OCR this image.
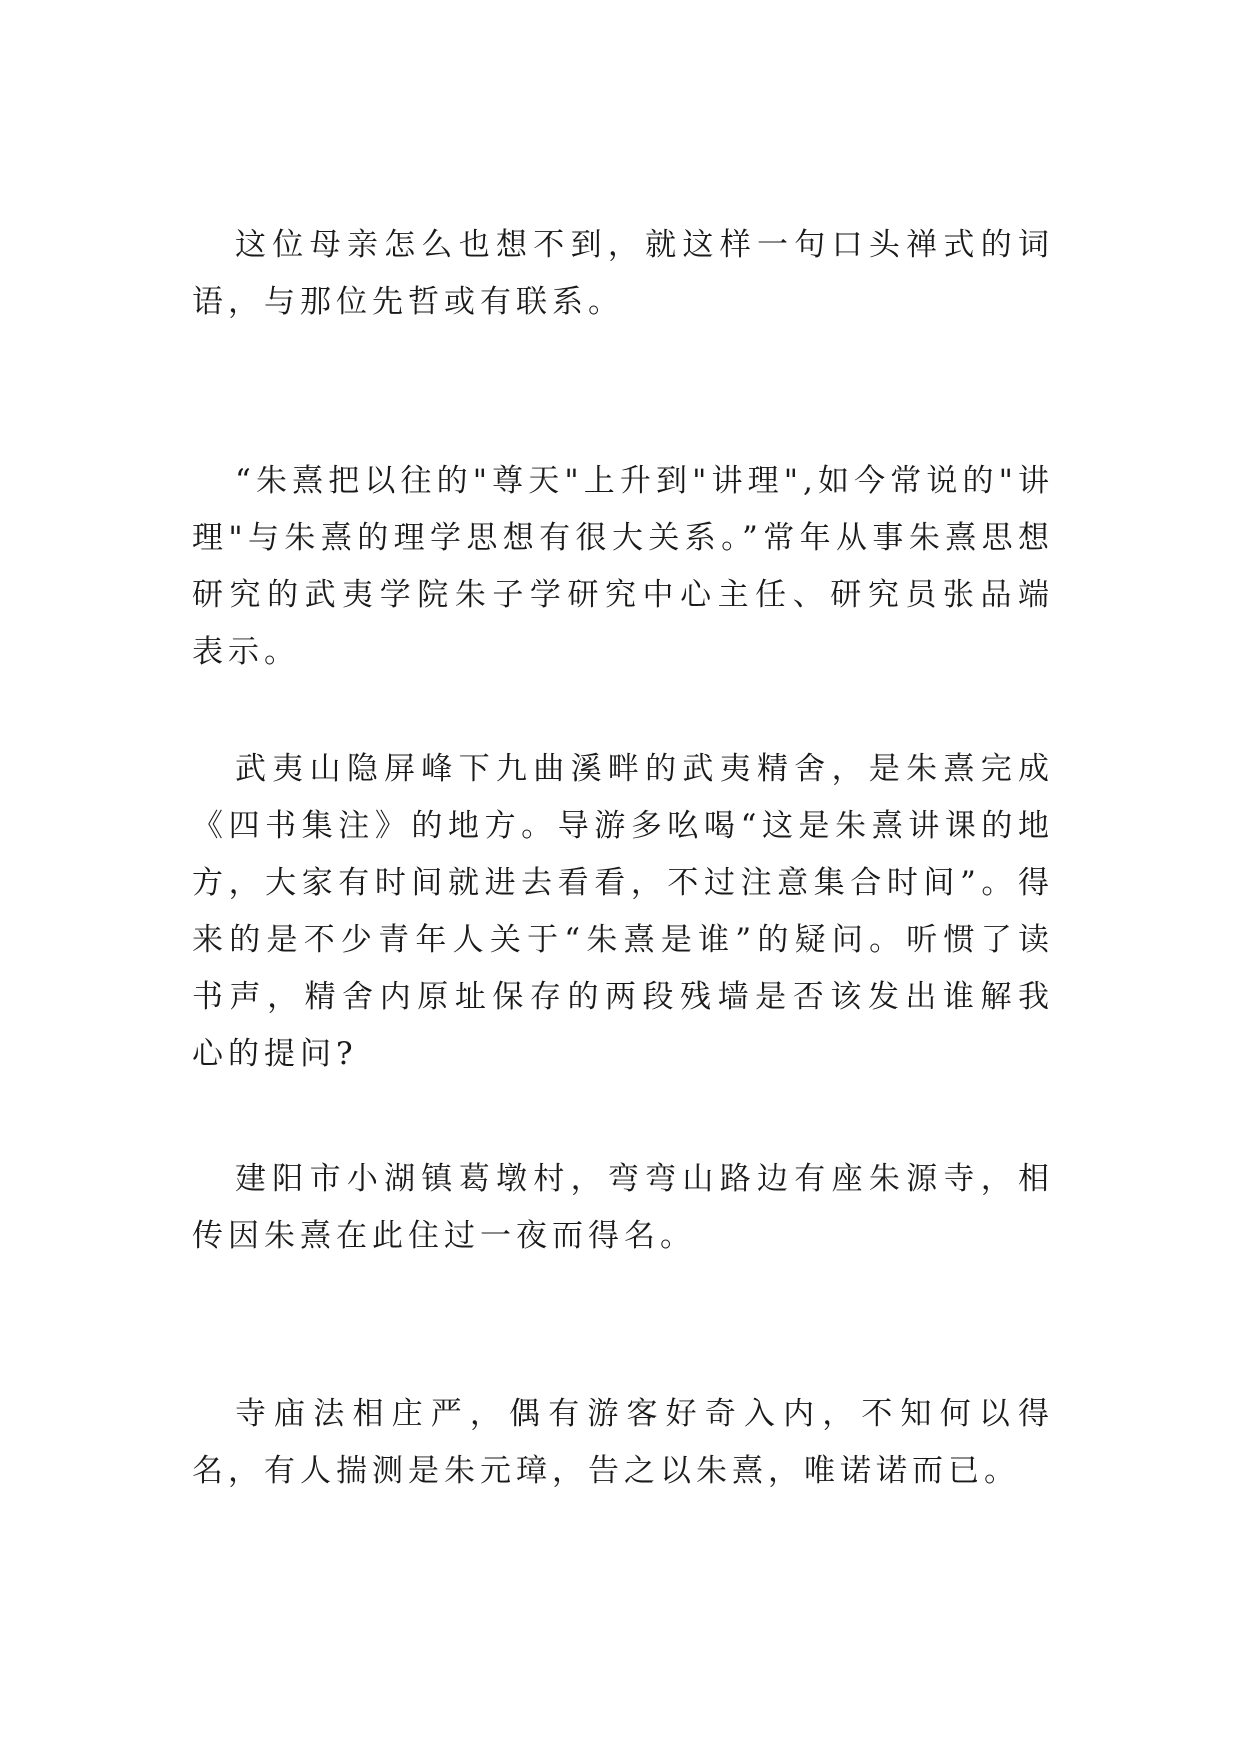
这位母亲怎么也想不到，就这样一句口头禅式的词语，与那位先哲或有联系。

“朱熹把以往的"尊天"上升到"讲理",如今常说的"讲理"与朱熹的理学思想有很大关系。”常年从事朱熹思想研究的武夷学院朱子学研究中心主任、研究员张品端表示。

武夷山隐屏峰下九曲溪畔的武夷精舍，是朱熹完成《四书集注》的地方。导游多吆喝“这是朱熹讲课的地方，大家有时间就进去看看，不过注意集合时间”。得来的是不少青年人关于“朱熹是谁”的疑问。听惯了读书声，精舍内原址保存的两段残墙是否该发出谁解我心的提问?

建阳市小湖镇葛墩村，弯弯山路边有座朱源寺，相传因朱熹在此住过一夜而得名。

寺庙法相庄严，偶有游客好奇入内，不知何以得名，有人揣测是朱元璋，告之以朱熹，唯诺诺而已。
